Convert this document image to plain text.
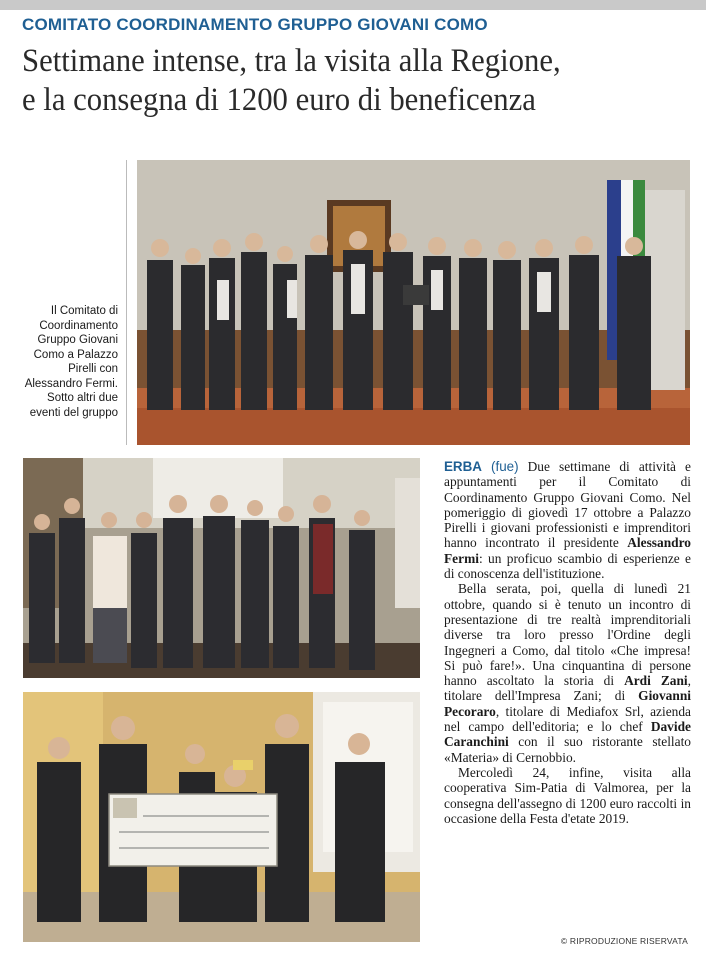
COMITATO COORDINAMENTO GRUPPO GIOVANI COMO
Settimane intense, tra la visita alla Regione,
e la consegna di 1200 euro di beneficenza
Il Comitato di Coordinamento Gruppo Giovani Como a Palazzo Pirelli con Alessandro Fermi. Sotto altri due eventi del gruppo

ERBA (fue) Due settimane di attività e appuntamenti per il Comitato di Coordinamento Gruppo Giovani Como. Nel pomeriggio di giovedì 17 ottobre a Palazzo Pirelli i giovani professionisti e imprenditori hanno incontrato il presidente Alessandro Fermi: un proficuo scambio di esperienze e di conoscenza dell'istituzione.

Bella serata, poi, quella di lunedì 21 ottobre, quando si è tenuto un incontro di presentazione di tre realtà imprenditoriali diverse tra loro presso l'Ordine degli Ingegneri a Como, dal titolo «Che impresa! Si può fare!». Una cinquantina di persone hanno ascoltato la storia di Ardi Zani, titolare dell'Impresa Zani; di Giovanni Pecoraro, titolare di Mediafox Srl, azienda nel campo dell'editoria; e lo chef Davide Caranchini con il suo ristorante stellato «Materia» di Cernobbio.

Mercoledì 24, infine, visita alla cooperativa Sim-Patia di Valmorea, per la consegna dell'assegno di 1200 euro raccolti in occasione della Festa d'etate 2019.

© RIPRODUZIONE RISERVATA
